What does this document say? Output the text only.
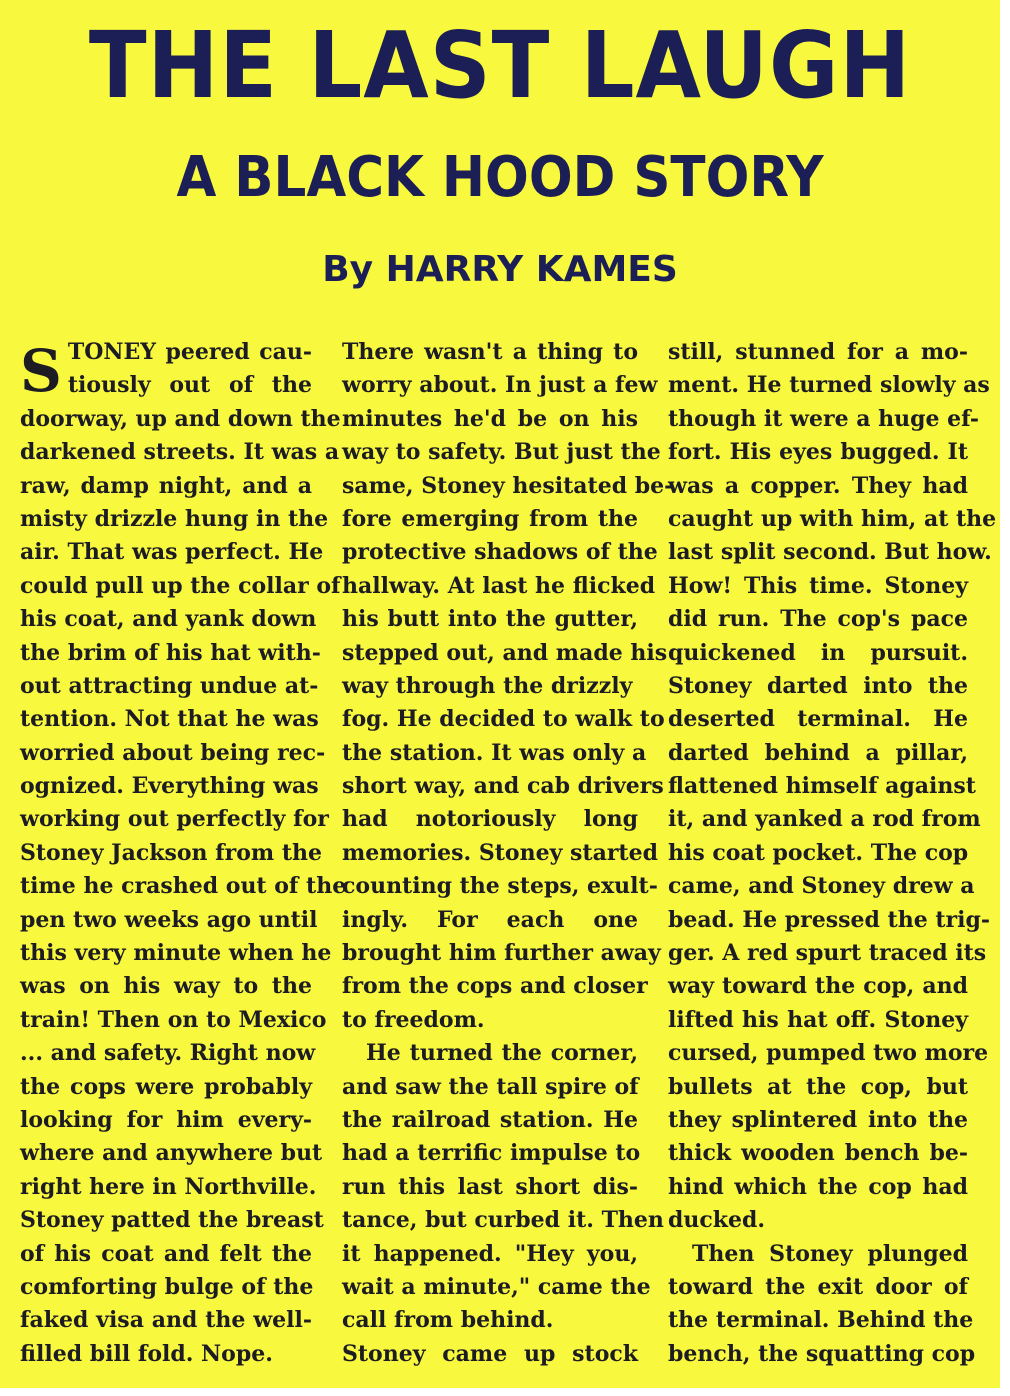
THE LAST LAUGH
A BLACK HOOD STORY
By HARRY KAMES
S TONEY peered cau-
tiously out of the
doorway, up and down the
darkened streets. It was a
raw, damp night, and a
misty drizzle hung in the
air. That was perfect. He
could pull up the collar of
his coat, and yank down
the brim of his hat with-
out attracting undue at-
tention. Not that he was
worried about being rec-
ognized. Everything was
working out perfectly for
Stoney Jackson from the
time he crashed out of the
pen two weeks ago until
this very minute when he
was on his way to the
train! Then on to Mexico
... and safety. Right now
the cops were probably
looking for him every-
where and anywhere but
right here in Northville.
Stoney patted the breast
of his coat and felt the
comforting bulge of the
faked visa and the well-
filled bill fold. Nope.
There wasn't a thing to
worry about. In just a few
minutes he'd be on his
way to safety. But just the
same, Stoney hesitated be-
fore emerging from the
protective shadows of the
hallway. At last he flicked
his butt into the gutter,
stepped out, and made his
way through the drizzly
fog. He decided to walk to
the station. It was only a
short way, and cab drivers
had notoriously long
memories. Stoney started
counting the steps, exult-
ingly. For each one
brought him further away
from the cops and closer
to freedom.
He turned the corner,
and saw the tall spire of
the railroad station. He
had a terrific impulse to
run this last short dis-
tance, but curbed it. Then
it happened. "Hey you,
wait a minute," came the
call from behind.
Stoney came up stock
still, stunned for a mo-
ment. He turned slowly as
though it were a huge ef-
fort. His eyes bugged. It
was a copper. They had
caught up with him, at the
last split second. But how.
How! This time. Stoney
did run. The cop's pace
quickened in pursuit.
Stoney darted into the
deserted terminal. He
darted behind a pillar,
flattened himself against
it, and yanked a rod from
his coat pocket. The cop
came, and Stoney drew a
bead. He pressed the trig-
ger. A red spurt traced its
way toward the cop, and
lifted his hat off. Stoney
cursed, pumped two more
bullets at the cop, but
they splintered into the
thick wooden bench be-
hind which the cop had
ducked.
Then Stoney plunged
toward the exit door of
the terminal. Behind the
bench, the squatting cop
